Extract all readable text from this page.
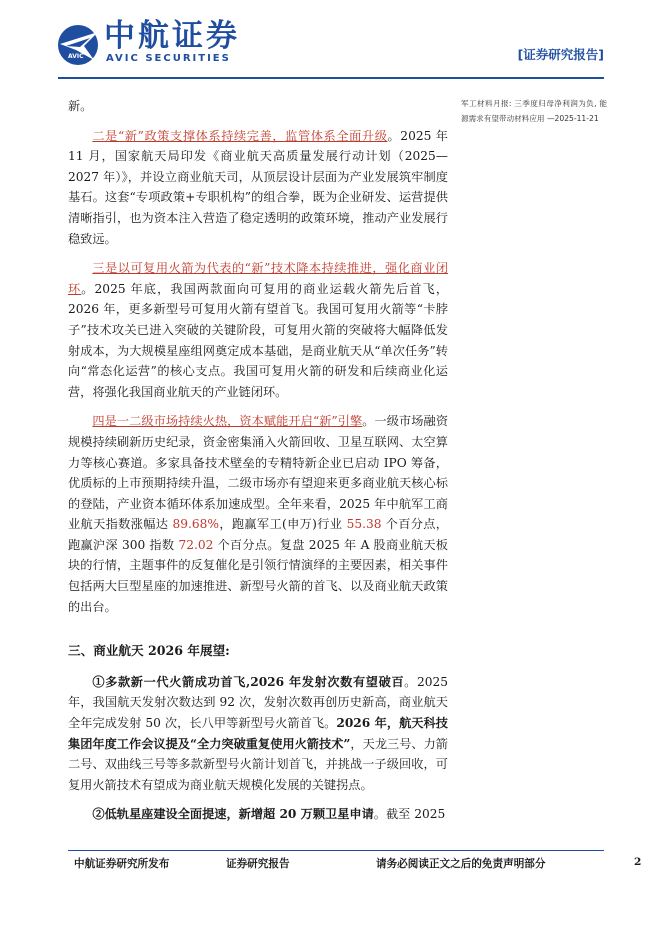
AVIC
中航证券
AVIC SECURITIES	[证券研究报告]

新。

二是“新”政策支撑体系持续完善，监管体系全面升级。2025 年 11 月，国家航天局印发《商业航天高质量发展行动计划（2025—2027 年）》，并设立商业航天司，从顶层设计层面为产业发展筑牢制度基石。这套“专项政策+专职机构”的组合拳，既为企业研发、运营提供清晰指引，也为资本注入营造了稳定透明的政策环境，推动产业发展行稳致远。

三是以可复用火箭为代表的“新”技术降本持续推进，强化商业闭环。2025 年底，我国两款面向可复用的商业运载火箭先后首飞，2026 年，更多新型号可复用火箭有望首飞。我国可复用火箭等“卡脖子”技术攻关已进入突破的关键阶段，可复用火箭的突破将大幅降低发射成本，为大规模星座组网奠定成本基础，是商业航天从“单次任务”转向“常态化运营”的核心支点。我国可复用火箭的研发和后续商业化运营，将强化我国商业航天的产业链闭环。

四是一二级市场持续火热，资本赋能开启“新”引擎。一级市场融资规模持续刷新历史纪录，资金密集涌入火箭回收、卫星互联网、太空算力等核心赛道。多家具备技术壁垒的专精特新企业已启动 IPO 筹备，优质标的上市预期持续升温，二级市场亦有望迎来更多商业航天核心标的登陆，产业资本循环体系加速成型。全年来看，2025 年中航军工商业航天指数涨幅达 89.68%，跑赢军工(申万)行业 55.38 个百分点，跑赢沪深 300 指数 72.02 个百分点。复盘 2025 年 A 股商业航天板块的行情，主题事件的反复催化是引领行情演绎的主要因素，相关事件包括两大巨型星座的加速推进、新型号火箭的首飞、以及商业航天政策的出台。

三、商业航天 2026 年展望:

①多款新一代火箭成功首飞,2026 年发射次数有望破百。2025 年，我国航天发射次数达到 92 次，发射次数再创历史新高，商业航天全年完成发射 50 次，长八甲等新型号火箭首飞。2026 年，航天科技集团年度工作会议提及“全力突破重复使用火箭技术”，天龙三号、力箭二号、双曲线三号等多款新型号火箭计划首飞，并挑战一子级回收，可复用火箭技术有望成为商业航天规模化发展的关键拐点。

②低轨星座建设全面提速，新增超 20 万颗卫星申请。截至 2025

军工材料月报: 三季度归母净利润为负, 能源需求有望带动材料应用 —2025-11-21
中航证券研究所发布	证券研究报告	请务必阅读正文之后的免责声明部分	2
